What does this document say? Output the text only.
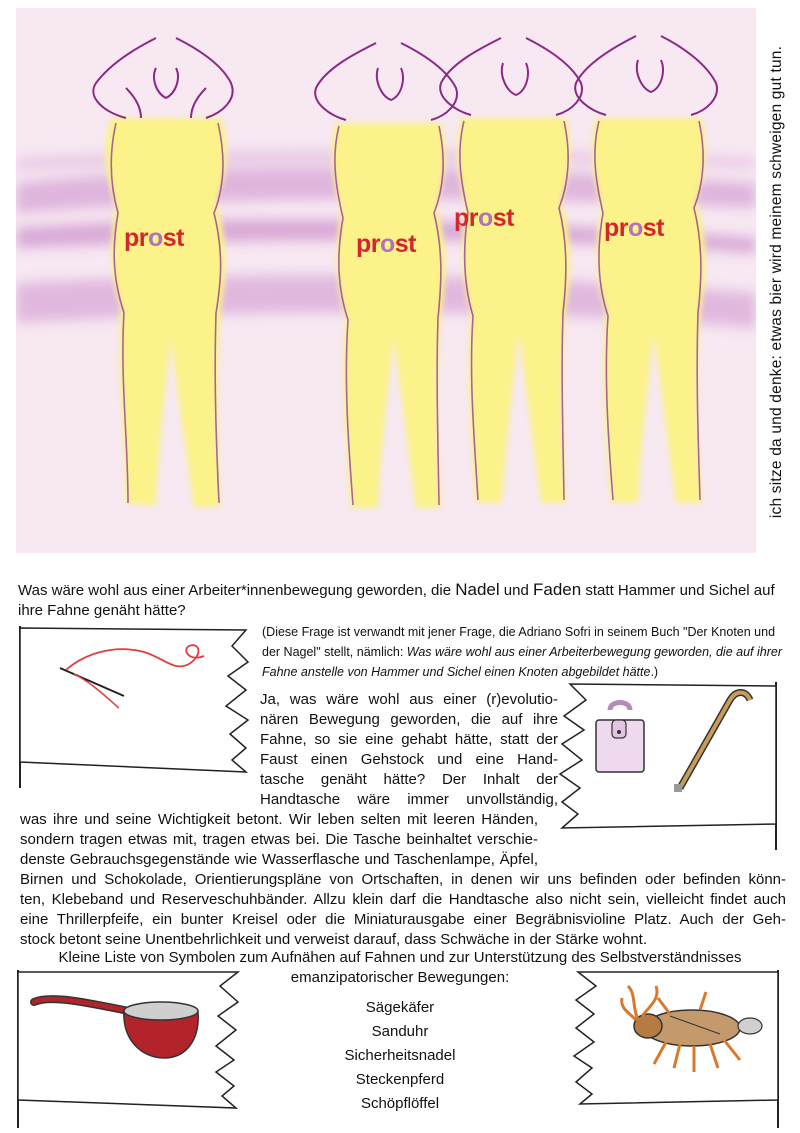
prost	prost
prost	prost	ich sitze da und denke: etwas bier wird meinem schweigen gut tun.
Was wäre wohl aus einer Arbeiter*innenbewegung geworden, die Nadel und Faden statt Hammer und Sichel auf ihre Fahne genäht hätte?
(Diese Frage ist verwandt mit jener Frage, die Adriano Sofri in seinem Buch "Der Knoten und der Nagel" stellt, nämlich: Was wäre wohl aus einer Arbeiterbewegung geworden, die auf ihrer Fahne anstelle von Hammer und Sichel einen Knoten abgebildet hätte.)
Ja, was wäre wohl aus einer (r)evolutio-
nären Bewegung geworden, die auf ihre
Fahne, so sie eine gehabt hätte, statt der
Faust einen Gehstock und eine Hand-
tasche genäht hätte? Der Inhalt der
Handtasche wäre immer unvollständig,
was ihre und seine Wichtigkeit betont. Wir leben selten mit leeren Händen,
sondern tragen etwas mit, tragen etwas bei. Die Tasche beinhaltet verschie-
denste Gebrauchsgegenstände wie Wasserflasche und Taschenlampe, Äpfel,
Birnen und Schokolade, Orientierungspläne von Ortschaften, in denen wir uns befinden oder befinden könn-
ten, Klebeband und Reserveschuhbänder. Allzu klein darf die Handtasche also nicht sein, vielleicht findet auch
eine Thrillerpfeife, ein bunter Kreisel oder die Miniaturausgabe einer Begräbnisviolinе Platz. Auch der Geh-
stock betont seine Unentbehrlichkeit und verweist darauf, dass Schwäche in der Stärke wohnt.
Kleine Liste von Symbolen zum Aufnähen auf Fahnen und zur Unterstützung des Selbstverständnisses
emanzipatorischer Bewegungen:
Sägekäfer
Sanduhr
Sicherheitsnadel
Steckenpferd
Schöpflöffel
